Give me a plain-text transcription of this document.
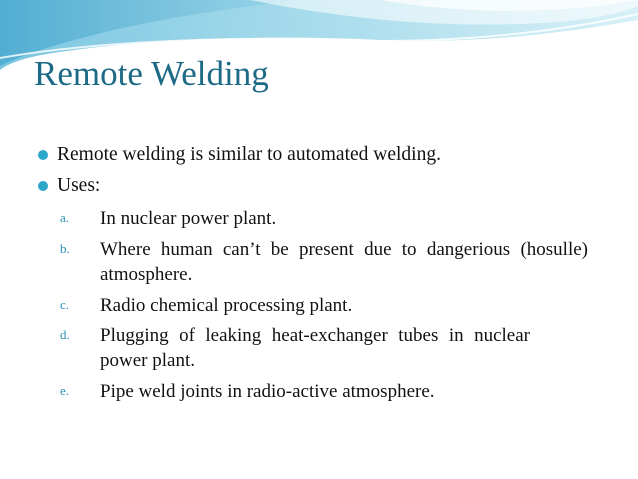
Remote Welding
Remote welding is similar to automated welding.
Uses:
a. In nuclear power plant.
b. Where human can’t be present due to dangerious (hosulle) atmosphere.
c. Radio chemical processing plant.
d. Plugging of leaking heat-exchanger tubes in nuclear power plant.
e. Pipe weld joints in radio-active atmosphere.
